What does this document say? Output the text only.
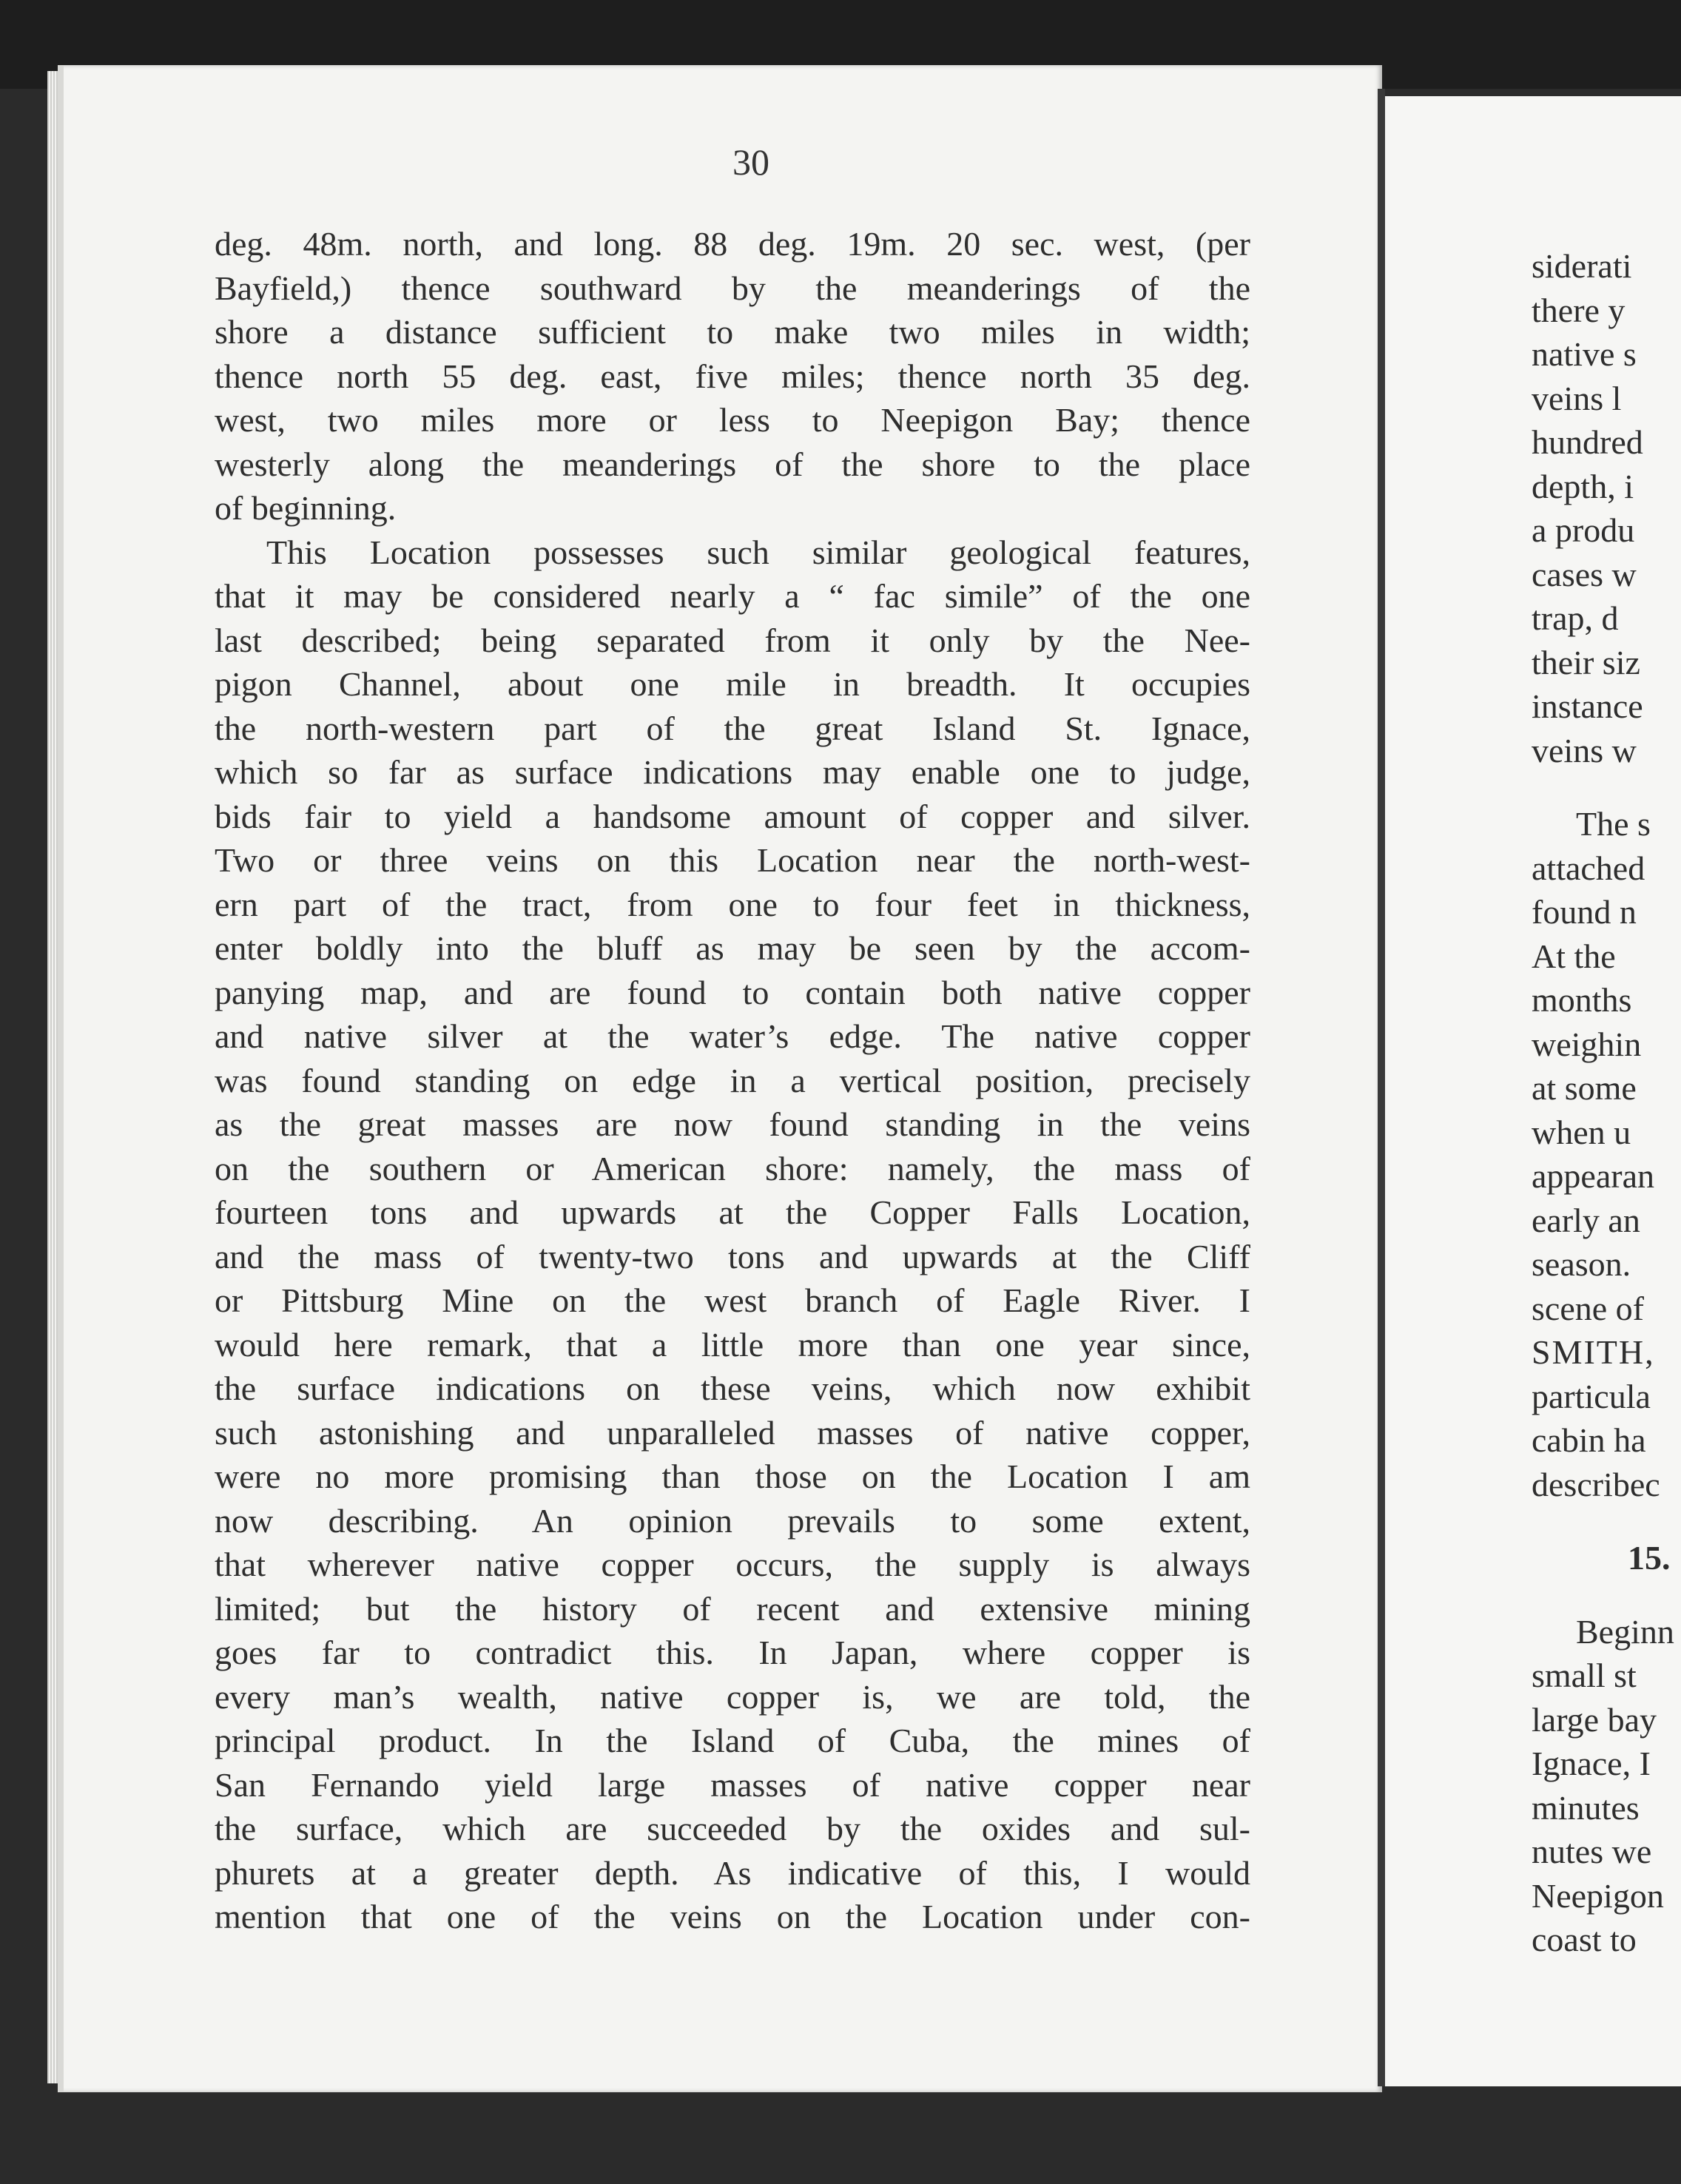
30
deg. 48m. north, and long. 88 deg. 19m. 20 sec. west, (per
Bayfield,) thence southward by the meanderings of the
shore a distance sufficient to make two miles in width;
thence north 55 deg. east, five miles; thence north 35 deg.
west, two miles more or less to Neepigon Bay; thence
westerly along the meanderings of the shore to the place
of beginning.
This Location possesses such similar geological features,
that it may be considered nearly a “ fac simile” of the one
last described; being separated from it only by the Nee-
pigon Channel, about one mile in breadth. It occupies
the north-western part of the great Island St. Ignace,
which so far as surface indications may enable one to judge,
bids fair to yield a handsome amount of copper and silver.
Two or three veins on this Location near the north-west-
ern part of the tract, from one to four feet in thickness,
enter boldly into the bluff as may be seen by the accom-
panying map, and are found to contain both native copper
and native silver at the water’s edge. The native copper
was found standing on edge in a vertical position, precisely
as the great masses are now found standing in the veins
on the southern or American shore: namely, the mass of
fourteen tons and upwards at the Copper Falls Location,
and the mass of twenty-two tons and upwards at the Cliff
or Pittsburg Mine on the west branch of Eagle River. I
would here remark, that a little more than one year since,
the surface indications on these veins, which now exhibit
such astonishing and unparalleled masses of native copper,
were no more promising than those on the Location I am
now describing. An opinion prevails to some extent,
that wherever native copper occurs, the supply is always
limited; but the history of recent and extensive mining
goes far to contradict this. In Japan, where copper is
every man’s wealth, native copper is, we are told, the
principal product. In the Island of Cuba, the mines of
San Fernando yield large masses of native copper near
the surface, which are succeeded by the oxides and sul-
phurets at a greater depth. As indicative of this, I would
mention that one of the veins on the Location under con-
siderati
there y
native s
veins l
hundred
depth, i
a produ
cases w
trap, d
their siz
instance
veins w
The s
attached
found n
At the
months
weighin
at some
when u
appearan
early an
season.
scene of
SMITH,
particula
cabin ha
describec
15.
Beginn
small st
large bay
Ignace, I
minutes
nutes we
Neepigon
coast to
